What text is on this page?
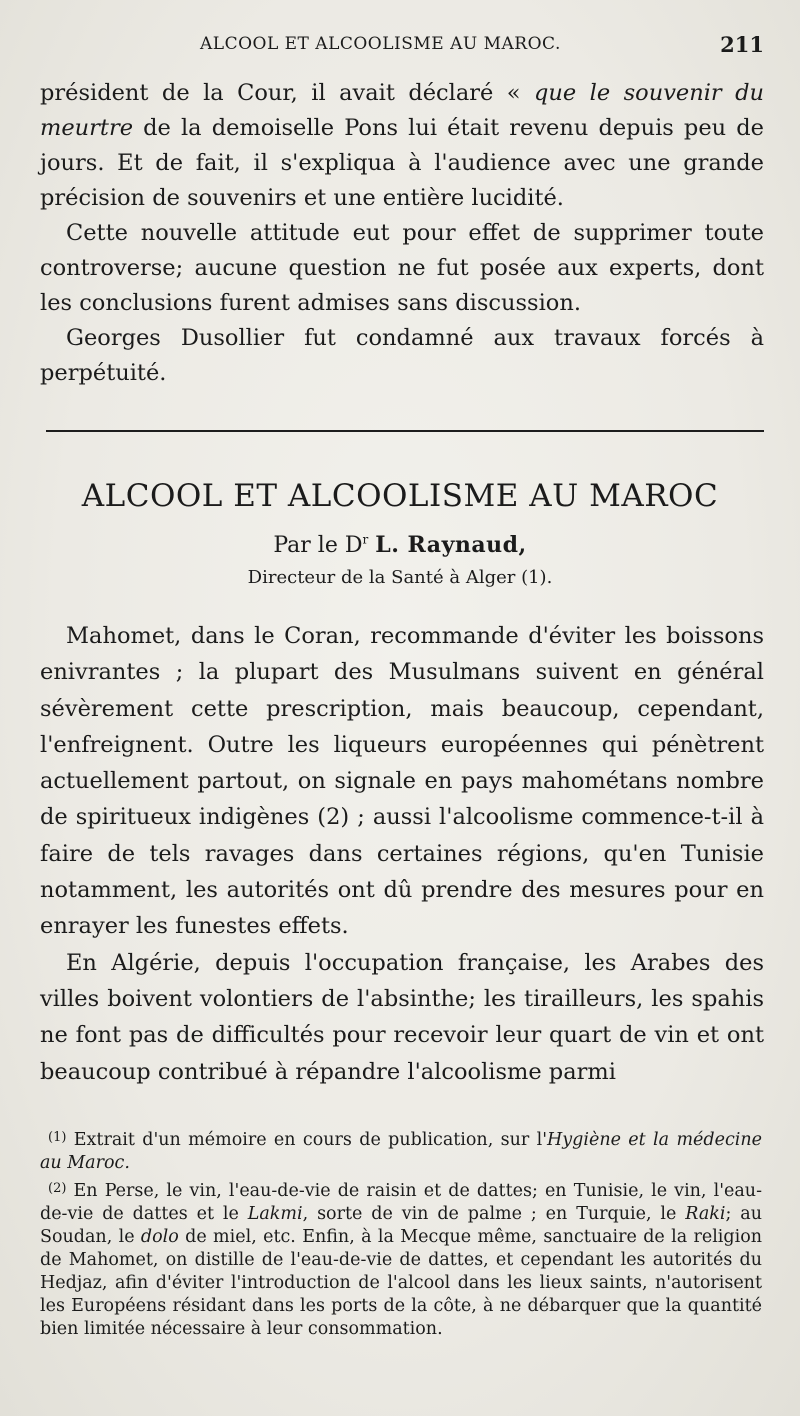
ALCOOL ET ALCOOLISME AU MAROC.	211

président de la Cour, il avait déclaré « que le souvenir du meurtre de la demoiselle Pons lui était revenu depuis peu de jours. Et de fait, il s'expliqua à l'audience avec une grande précision de souvenirs et une entière lucidité.

Cette nouvelle attitude eut pour effet de supprimer toute controverse; aucune question ne fut posée aux experts, dont les conclusions furent admises sans discussion.

Georges Dusollier fut condamné aux travaux forcés à perpétuité.

ALCOOL ET ALCOOLISME AU MAROC
Par le $D^r$ L. Raynaud,
Directeur de la Santé à Alger (1).

Mahomet, dans le Coran, recommande d'éviter les boissons enivrantes ; la plupart des Musulmans suivent en général sévèrement cette prescription, mais beaucoup, cependant, l'enfreignent. Outre les liqueurs européennes qui pénètrent actuellement partout, on signale en pays mahométans nombre de spiritueux indigènes (2) ; aussi l'alcoolisme commence-t-il à faire de tels ravages dans certaines régions, qu'en Tunisie notamment, les autorités ont dû prendre des mesures pour en enrayer les funestes effets.

En Algérie, depuis l'occupation française, les Arabes des villes boivent volontiers de l'absinthe; les tirailleurs, les spahis ne font pas de difficultés pour recevoir leur quart de vin et ont beaucoup contribué à répandre l'alcoolisme parmi

$^{(1)}$ Extrait d'un mémoire en cours de publication, sur l'Hygiène et la médecine au Maroc.

$^{(2)}$ En Perse, le vin, l'eau-de-vie de raisin et de dattes; en Tunisie, le vin, l'eau-de-vie de dattes et le Lakmi, sorte de vin de palme ; en Turquie, le Raki; au Soudan, le dolo de miel, etc. Enfin, à la Mecque même, sanctuaire de la religion de Mahomet, on distille de l'eau-de-vie de dattes, et cependant les autorités du Hedjaz, afin d'éviter l'introduction de l'alcool dans les lieux saints, n'autorisent les Européens résidant dans les ports de la côte, à ne débarquer que la quantité bien limitée nécessaire à leur consommation.
